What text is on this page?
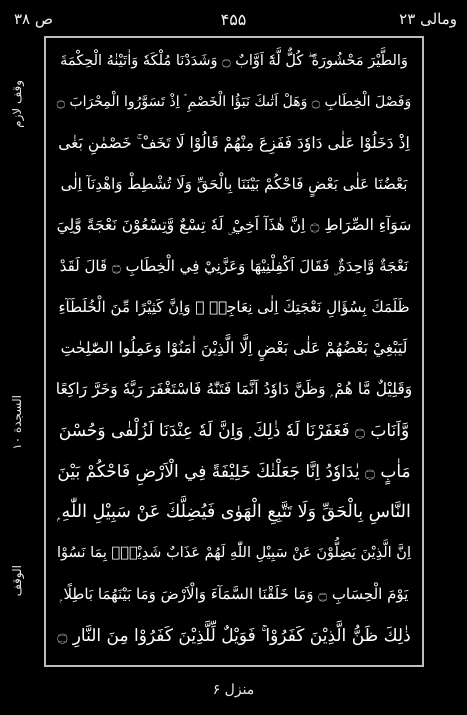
ومالی ۲۳
۴۵۵
ص ۳۸
وقف لازم
السجدة ۱۰
الوقف
وَالطَّيْرَ مَحْشُورَةً ۖ كُلٌّ لَّهٗٓ اَوَّابٌ ۝ وَشَدَدْنَا مُلْكَهٗ وَاٰتَيْنٰهُ الْحِكْمَةَ
وَفَصْلَ الْخِطَابِ ۝ وَهَلْ اَتٰىكَ نَبَؤُا الْخَصْمِ ۘ اِذْ تَسَوَّرُوا الْمِحْرَابَ ۝
اِذْ دَخَلُوْا عَلٰى دَاوٗدَ فَفَزِعَ مِنْهُمْ قَالُوْا لَا تَخَفْ ۚ خَصْمٰنِ بَغٰى
بَعْضُنَا عَلٰى بَعْضٍ فَاحْكُمْ بَيْنَنَا بِالْحَقِّ وَلَا تُشْطِطْ وَاهْدِنَآ اِلٰى
سَوَآءِ الصِّرَاطِ ۝ اِنَّ هٰذَآ اَخِيْ ۣ لَهٗ تِسْعٌ وَّتِسْعُوْنَ نَعْجَةً وَّلِيَ
نَعْجَةٌ وَّاحِدَةٌ ۣ فَقَالَ اَكْفِلْنِيْهَا وَعَزَّنِيْ فِي الْخِطَابِ ۝ قَالَ لَقَدْ
ظَلَمَكَ بِسُؤَالِ نَعْجَتِكَ اِلٰى نِعَاجِهٖ ۭ وَاِنَّ كَثِيْرًا مِّنَ الْخُلَطَآءِ
لَيَبْغِيْ بَعْضُهُمْ عَلٰى بَعْضٍ اِلَّا الَّذِيْنَ اٰمَنُوْا وَعَمِلُوا الصّٰلِحٰتِ
وَقَلِيْلٌ مَّا هُمْ ۭ وَظَنَّ دَاوٗدُ اَنَّمَا فَتَنّٰهُ فَاسْتَغْفَرَ رَبَّهٗ وَخَرَّ رَاكِعًا
وَّاَنَابَ ۝ فَغَفَرْنَا لَهٗ ذٰلِكَ ۭ وَاِنَّ لَهٗ عِنْدَنَا لَزُلْفٰى وَحُسْنَ
مَاٰبٍ ۝ يٰدَاوٗدُ اِنَّا جَعَلْنٰكَ خَلِيْفَةً فِي الْاَرْضِ فَاحْكُمْ بَيْنَ
النَّاسِ بِالْحَقِّ وَلَا تَتَّبِعِ الْهَوٰى فَيُضِلَّكَ عَنْ سَبِيْلِ اللّٰهِ ۭ
اِنَّ الَّذِيْنَ يَضِلُّوْنَ عَنْ سَبِيْلِ اللّٰهِ لَهُمْ عَذَابٌ شَدِيْدٌۢ بِمَا نَسُوْا
يَوْمَ الْحِسَابِ ۝ وَمَا خَلَقْنَا السَّمَآءَ وَالْاَرْضَ وَمَا بَيْنَهُمَا بَاطِلًا ۭ
ذٰلِكَ ظَنُّ الَّذِيْنَ كَفَرُوْا ۚ فَوَيْلٌ لِّلَّذِيْنَ كَفَرُوْا مِنَ النَّارِ ۝
منزل ۶
